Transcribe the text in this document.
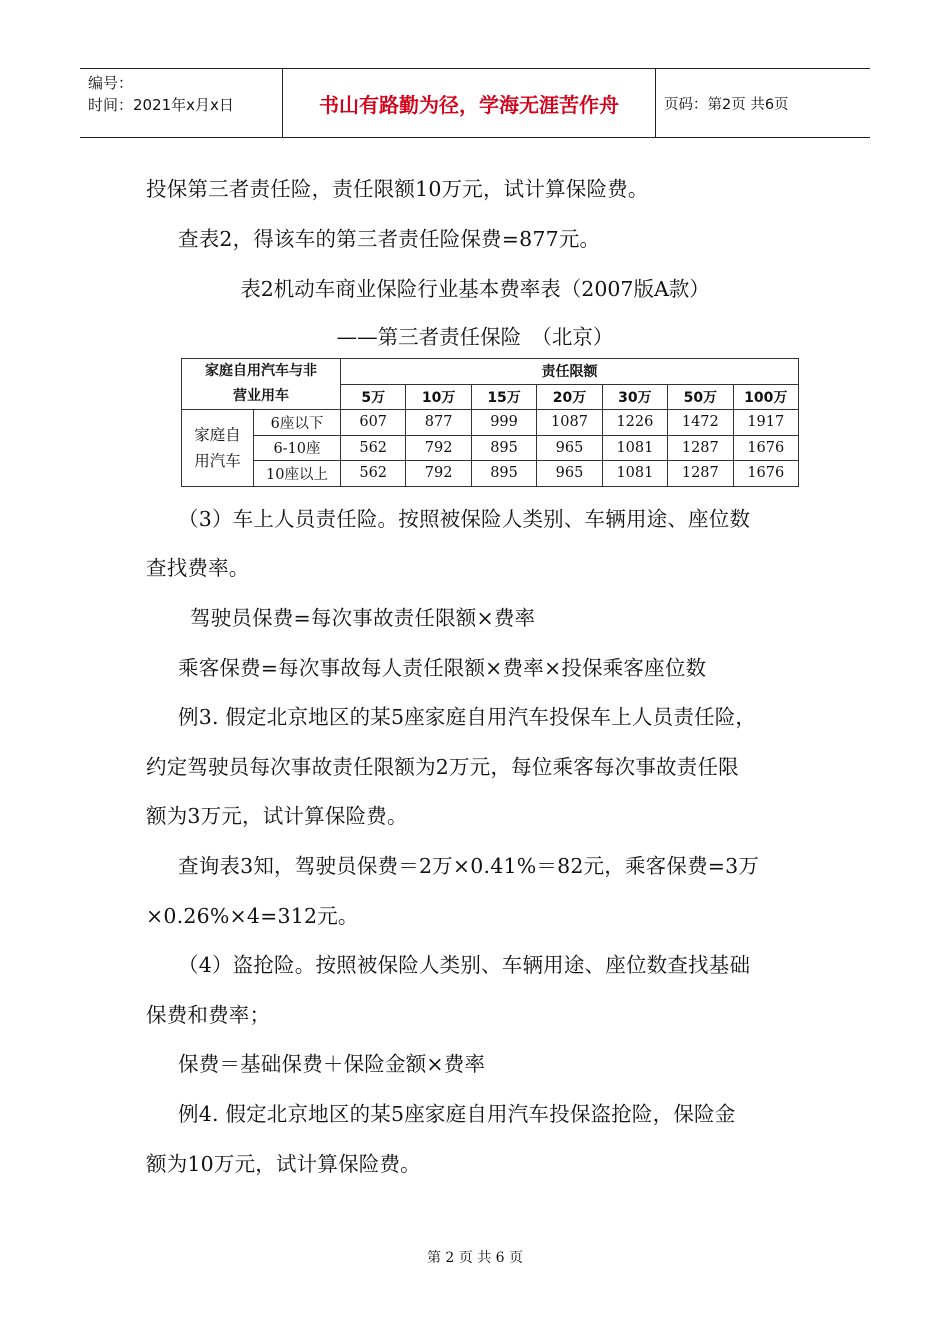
编号：
时间：2021年x月x日	书山有路勤为径，学海无涯苦作舟	页码：第2页 共6页
投保第三者责任险，责任限额10万元，试计算保险费。
查表2，得该车的第三者责任险保费=877元。
表2机动车商业保险行业基本费率表（2007版A款）
——第三者责任保险　（北京）
家庭自用汽车与非
营业用车		责任限额						
		5万	10万	15万	20万	30万	50万	100万
家庭自
用汽车	6座以下	607	877	999	1087	1226	1472	1917
	6-10座	562	792	895	965	1081	1287	1676
	10座以上	562	792	895	965	1081	1287	1676
（3）车上人员责任险。按照被保险人类别、车辆用途、座位数
查找费率。
驾驶员保费=每次事故责任限额×费率
乘客保费=每次事故每人责任限额×费率×投保乘客座位数
例3. 假定北京地区的某5座家庭自用汽车投保车上人员责任险，
约定驾驶员每次事故责任限额为2万元，每位乘客每次事故责任限
额为3万元，试计算保险费。
查询表3知，驾驶员保费＝2万×0.41%＝82元，乘客保费=3万
×0.26%×4=312元。
（4）盗抢险。按照被保险人类别、车辆用途、座位数查找基础
保费和费率；
保费＝基础保费＋保险金额×费率
例4. 假定北京地区的某5座家庭自用汽车投保盗抢险，保险金
额为10万元，试计算保险费。
第 2 页 共 6 页
